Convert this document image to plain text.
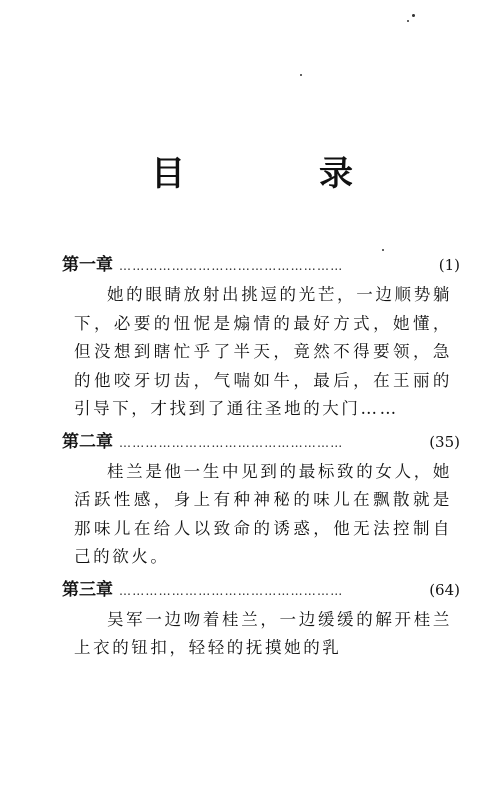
目　录
第一章 ……………………………………………	(1)
她的眼睛放射出挑逗的光芒，一边顺势躺下，必要的忸怩是煽情的最好方式，她懂，但没想到瞎忙乎了半天，竟然不得要领，急的他咬牙切齿，气喘如牛，最后，在王丽的引导下，才找到了通往圣地的大门……
第二章 ……………………………………………	(35)
桂兰是他一生中见到的最标致的女人，她活跃性感，身上有种神秘的味儿在飘散就是那味儿在给人以致命的诱惑，他无法控制自己的欲火。
第三章 ……………………………………………	(64)
吴军一边吻着桂兰，一边缓缓的解开桂兰上衣的钮扣，轻轻的抚摸她的乳
